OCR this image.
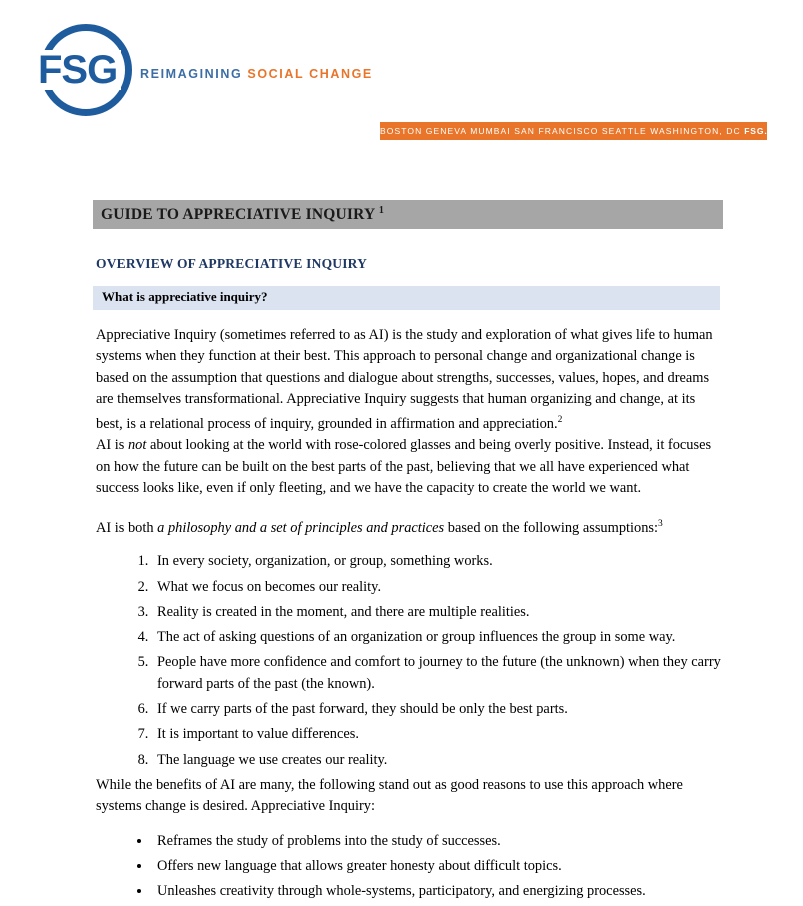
FSG	REIMAGINING SOCIAL CHANGE
BOSTON GENEVA MUMBAI SAN FRANCISCO SEATTLE WASHINGTON, DC FSG.ORG
GUIDE TO APPRECIATIVE INQUIRY $^1$
OVERVIEW OF APPRECIATIVE INQUIRY
What is appreciative inquiry?

Appreciative Inquiry (sometimes referred to as AI) is the study and exploration of what gives life to human systems when they function at their best. This approach to personal change and organizational change is based on the assumption that questions and dialogue about strengths, successes, values, hopes, and dreams are themselves transformational. Appreciative Inquiry suggests that human organizing and change, at its best, is a relational process of inquiry, grounded in affirmation and appreciation.$^2$

AI is not about looking at the world with rose-colored glasses and being overly positive. Instead, it focuses on how the future can be built on the best parts of the past, believing that we all have experienced what success looks like, even if only fleeting, and we have the capacity to create the world we want.

AI is both a philosophy and a set of principles and practices based on the following assumptions:$^3$

1. In every society, organization, or group, something works.
2. What we focus on becomes our reality.
3. Reality is created in the moment, and there are multiple realities.
4. The act of asking questions of an organization or group influences the group in some way.
5. People have more confidence and comfort to journey to the future (the unknown) when they carry forward parts of the past (the known).
6. If we carry parts of the past forward, they should be only the best parts.
7. It is important to value differences.
8. The language we use creates our reality.

While the benefits of AI are many, the following stand out as good reasons to use this approach where systems change is desired. Appreciative Inquiry:

• Reframes the study of problems into the study of successes.
• Offers new language that allows greater honesty about difficult topics.
• Unleashes creativity through whole-systems, participatory, and energizing processes.
